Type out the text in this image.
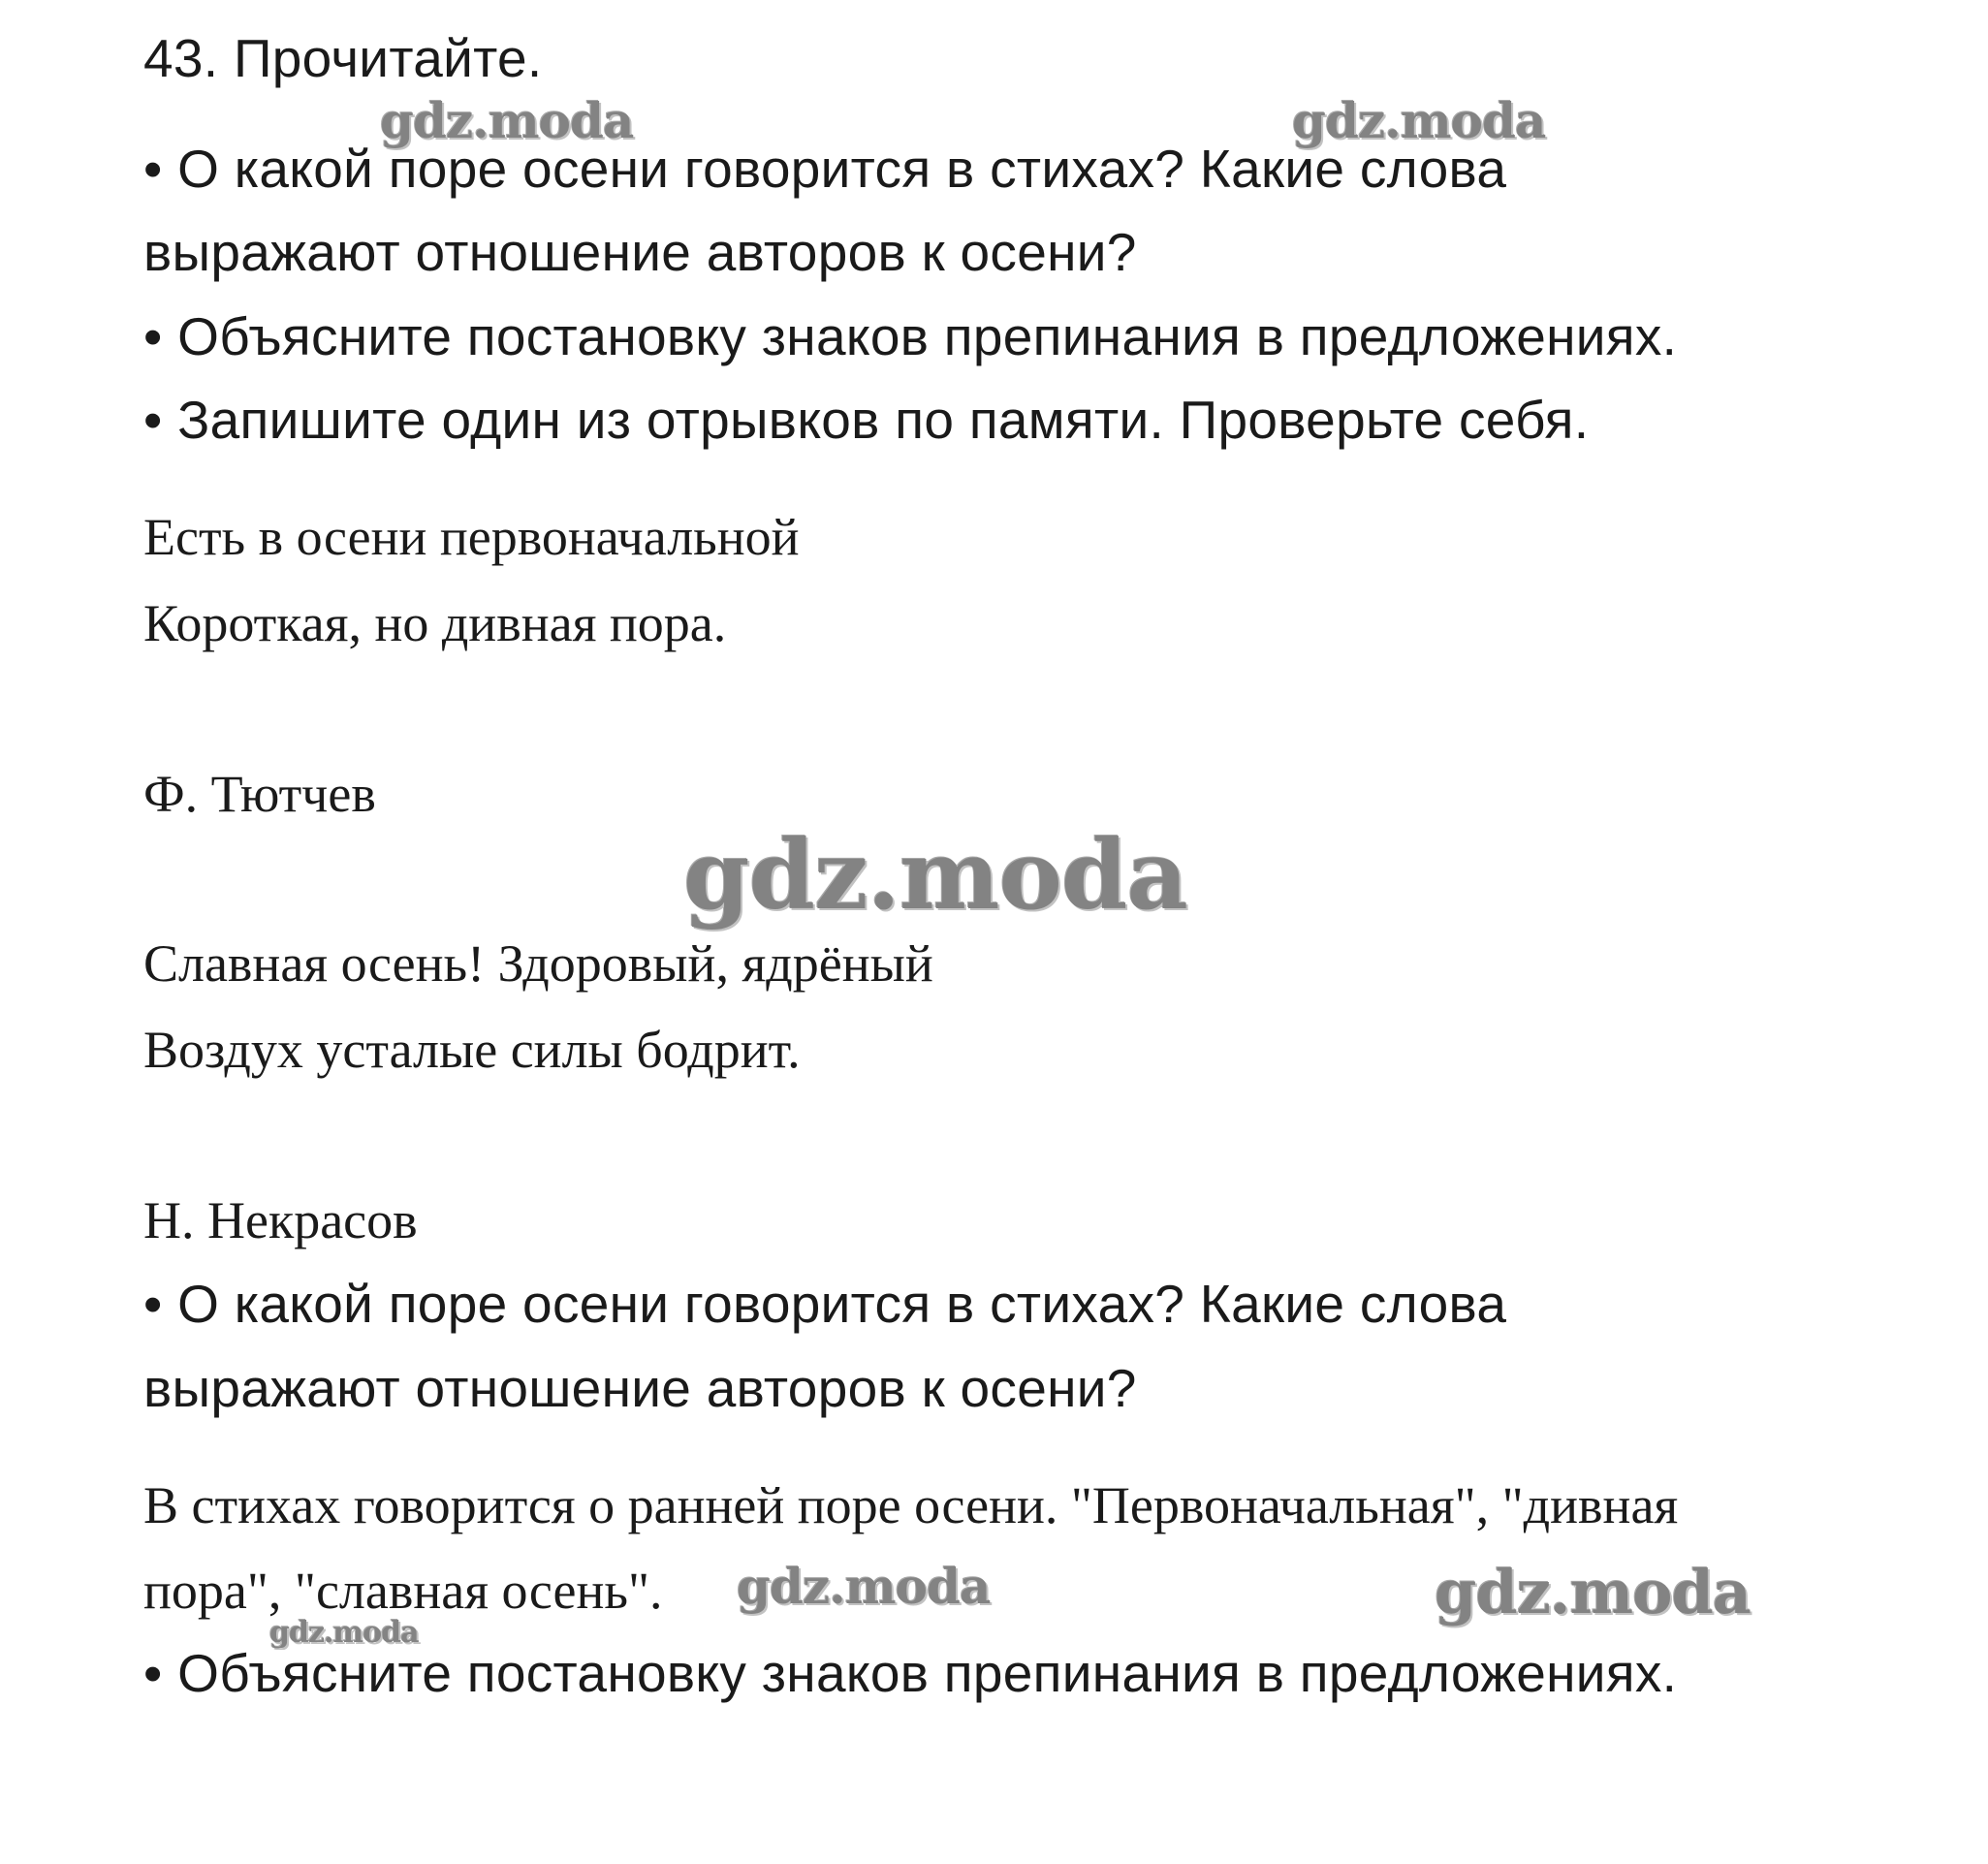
43. Прочитайте.
• О какой поре осени говорится в стихах? Какие слова
выражают отношение авторов к осени?
• Объясните постановку знаков препинания в предложениях.
• Запишите один из отрывков по памяти. Проверьте себя.
Есть в осени первоначальной
Короткая, но дивная пора.
Ф. Тютчев
Славная осень! Здоровый, ядрёный
Воздух усталые силы бодрит.
Н. Некрасов
• О какой поре осени говорится в стихах? Какие слова
выражают отношение авторов к осени?
В стихах говорится о ранней поре осени. "Первоначальная", "дивная
пора", "славная осень".
• Объясните постановку знаков препинания в предложениях.
gdz.moda	gdz.moda
gdz.moda
gdz.moda	gdz.moda
gdz.moda
